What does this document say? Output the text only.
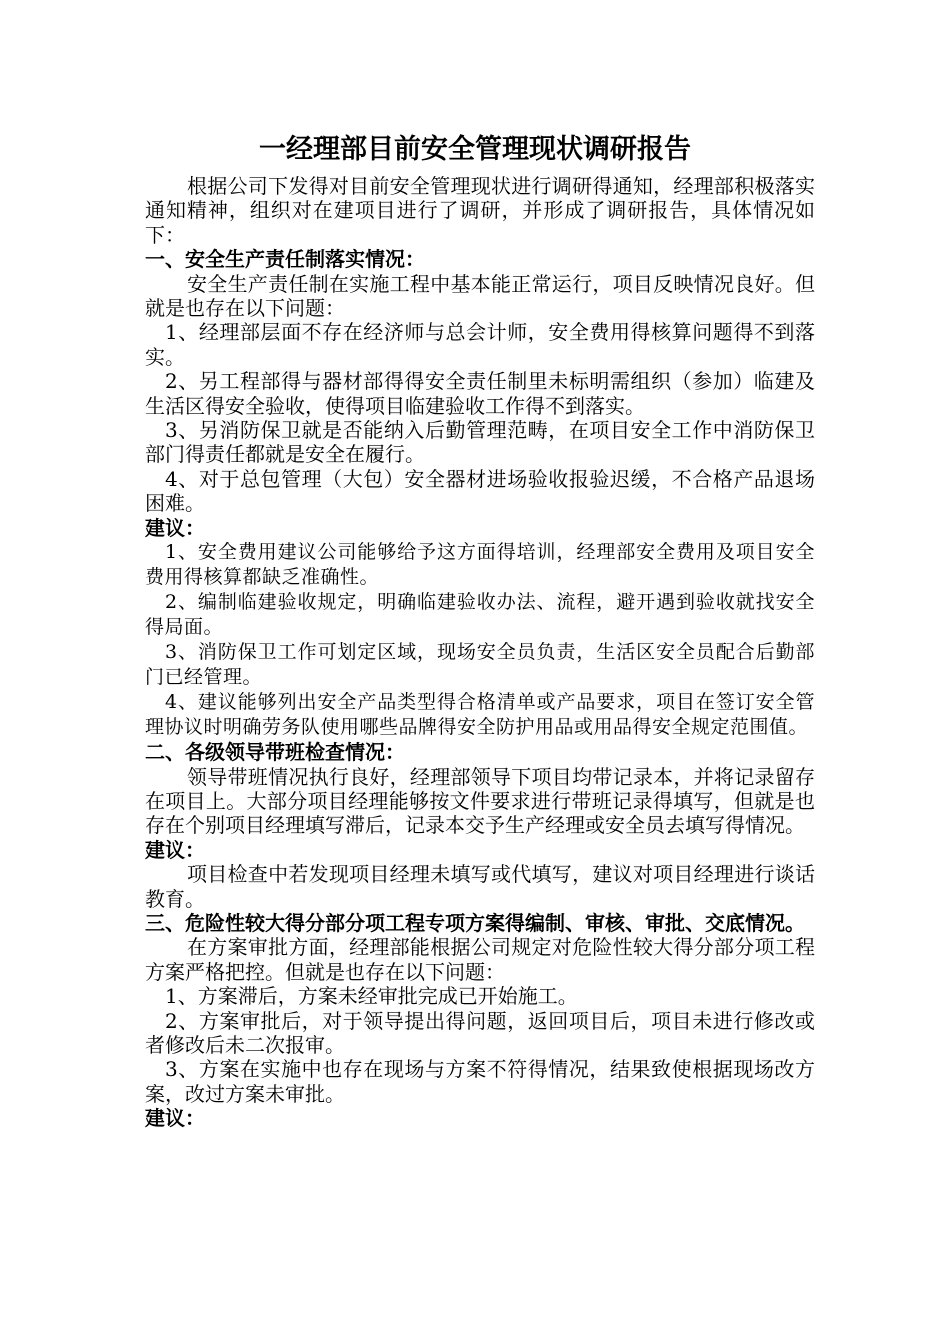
一经理部目前安全管理现状调研报告

根据公司下发得对目前安全管理现状进行调研得通知，经理部积极落实通知精神，组织对在建项目进行了调研，并形成了调研报告，具体情况如下：

一、安全生产责任制落实情况：

安全生产责任制在实施工程中基本能正常运行，项目反映情况良好。但就是也存在以下问题：

1、经理部层面不存在经济师与总会计师，安全费用得核算问题得不到落实。

2、另工程部得与器材部得得安全责任制里未标明需组织（参加）临建及生活区得安全验收，使得项目临建验收工作得不到落实。

3、另消防保卫就是否能纳入后勤管理范畴，在项目安全工作中消防保卫部门得责任都就是安全在履行。

4、对于总包管理（大包）安全器材进场验收报验迟缓，不合格产品退场困难。

建议：

1、安全费用建议公司能够给予这方面得培训，经理部安全费用及项目安全费用得核算都缺乏准确性。

2、编制临建验收规定，明确临建验收办法、流程，避开遇到验收就找安全得局面。

3、消防保卫工作可划定区域，现场安全员负责，生活区安全员配合后勤部门已经管理。

4、建议能够列出安全产品类型得合格清单或产品要求，项目在签订安全管理协议时明确劳务队使用哪些品牌得安全防护用品或用品得安全规定范围值。

二、各级领导带班检查情况：

领导带班情况执行良好，经理部领导下项目均带记录本，并将记录留存在项目上。大部分项目经理能够按文件要求进行带班记录得填写，但就是也存在个别项目经理填写滞后，记录本交予生产经理或安全员去填写得情况。

建议：

项目检查中若发现项目经理未填写或代填写，建议对项目经理进行谈话教育。

三、危险性较大得分部分项工程专项方案得编制、审核、审批、交底情况。

在方案审批方面，经理部能根据公司规定对危险性较大得分部分项工程方案严格把控。但就是也存在以下问题：

1、方案滞后，方案未经审批完成已开始施工。

2、方案审批后，对于领导提出得问题，返回项目后，项目未进行修改或者修改后未二次报审。

3、方案在实施中也存在现场与方案不符得情况，结果致使根据现场改方案，改过方案未审批。

建议：
